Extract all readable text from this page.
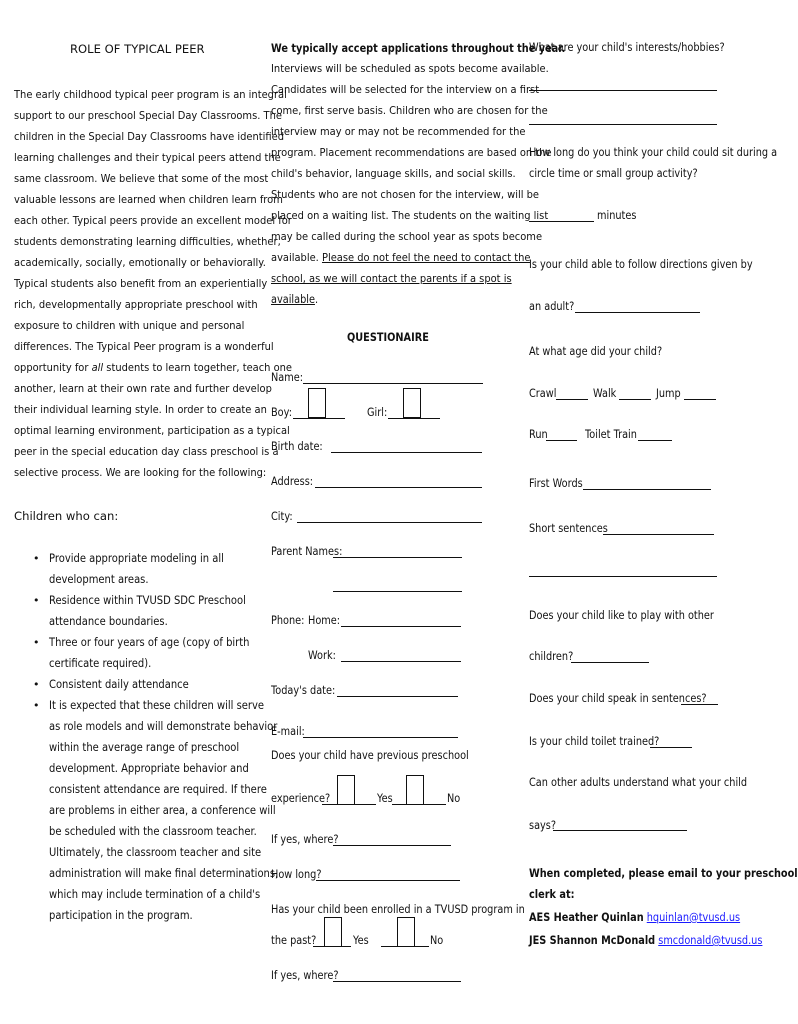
ROLE OF TYPICAL PEER
The early childhood typical peer program is an integral
support to our preschool Special Day Classrooms. The
children in the Special Day Classrooms have identified
learning challenges and their typical peers attend the
same classroom. We believe that some of the most
valuable lessons are learned when children learn from
each other. Typical peers provide an excellent model for
students demonstrating learning difficulties, whether,
academically, socially, emotionally or behaviorally.
Typical students also benefit from an experientially
rich, developmentally appropriate preschool with
exposure to children with unique and personal
differences. The Typical Peer program is a wonderful
opportunity for all students to learn together, teach one
another, learn at their own rate and further develop
their individual learning style. In order to create an
optimal learning environment, participation as a typical
peer in the special education day class preschool is a
selective process. We are looking for the following:
Children who can:
• Provide appropriate modeling in all
development areas.
• Residence within TVUSD SDC Preschool
attendance boundaries.
• Three or four years of age (copy of birth
certificate required).
• Consistent daily attendance
• It is expected that these children will serve
as role models and will demonstrate behavior
within the average range of preschool
development. Appropriate behavior and
consistent attendance are required. If there
are problems in either area, a conference will
be scheduled with the classroom teacher.
Ultimately, the classroom teacher and site
administration will make final determinations,
which may include termination of a child's
participation in the program.
We typically accept applications throughout the year.
Interviews will be scheduled as spots become available.
Candidates will be selected for the interview on a first
come, first serve basis. Children who are chosen for the
interview may or may not be recommended for the
program. Placement recommendations are based on the
child's behavior, language skills, and social skills.
Students who are not chosen for the interview, will be
placed on a waiting list. The students on the waiting list
may be called during the school year as spots become
available. Please do not feel the need to contact the
school, as we will contact the parents if a spot is
available.
QUESTIONAIRE
Name:
Boy:	Girl:
Birth date:
Address:
City:
Parent Names:
Phone: Home:
Work:
Today's date:
E-mail:
Does your child have previous preschool
experience?	Yes	No
If yes, where?
How long?
Has your child been enrolled in a TVUSD program in
the past?	Yes	No
If yes, where?
What are your child's interests/hobbies?
How long do you think your child could sit during a
circle time or small group activity?
minutes
Is your child able to follow directions given by
an adult?
At what age did your child?
Crawl	Walk	Jump
Run	Toilet Train
First Words
Short sentences
Does your child like to play with other
children?
Does your child speak in sentences?
Is your child toilet trained?
Can other adults understand what your child
says?
When completed, please email to your preschool
clerk at:
AES Heather Quinlan hquinlan@tvusd.us
JES Shannon McDonald smcdonald@tvusd.us
